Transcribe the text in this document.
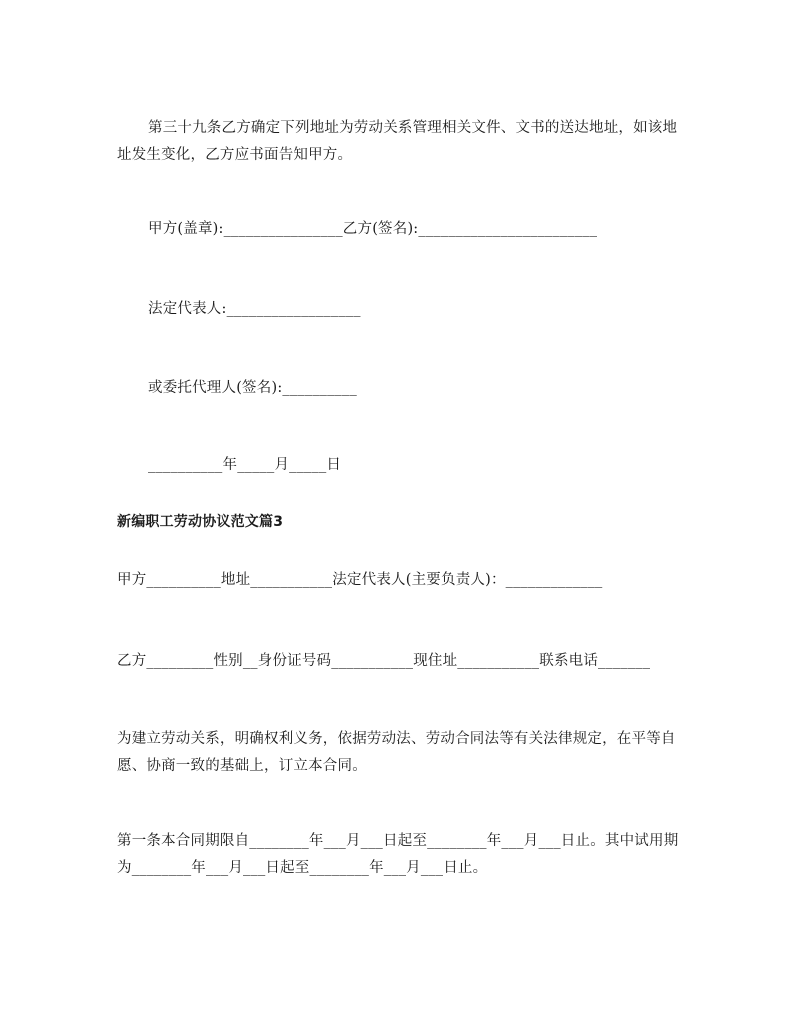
第三十九条乙方确定下列地址为劳动关系管理相关文件、文书的送达地址，如该地址发生变化，乙方应书面告知甲方。
甲方(盖章):________________乙方(签名):________________________
法定代表人:__________________
或委托代理人(签名):__________
__________年_____月_____日
新编职工劳动协议范文篇3
甲方__________地址___________法定代表人(主要负责人)：_____________
乙方_________性别__身份证号码___________现住址___________联系电话_______
为建立劳动关系，明确权利义务，依据劳动法、劳动合同法等有关法律规定，在平等自愿、协商一致的基础上，订立本合同。
第一条本合同期限自________年___月___日起至________年___月___日止。其中试用期为________年___月___日起至________年___月___日止。
